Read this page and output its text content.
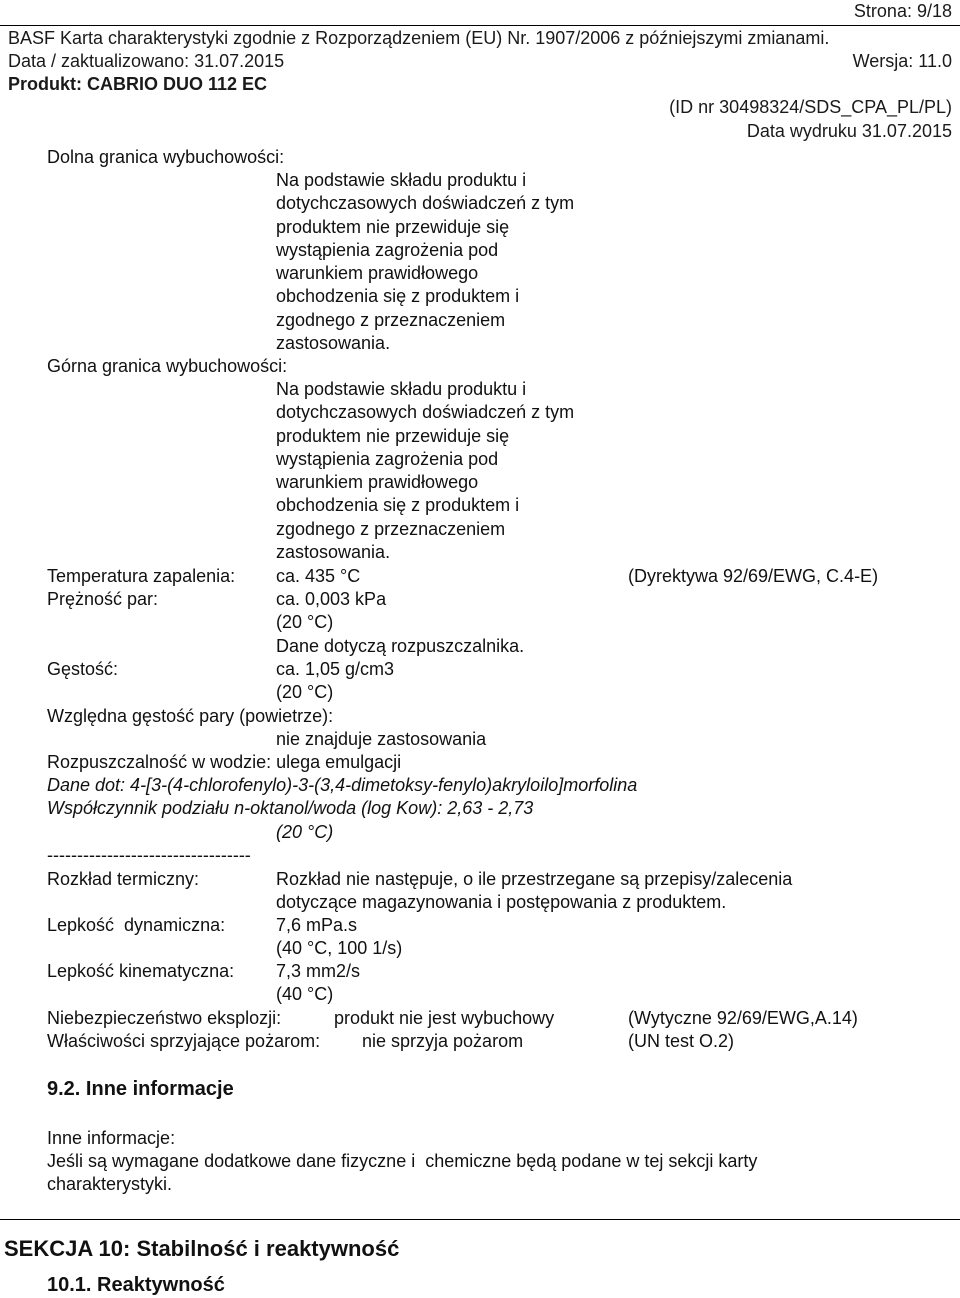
Strona: 9/18
BASF Karta charakterystyki zgodnie z Rozporządzeniem (EU) Nr. 1907/2006 z późniejszymi zmianami.
Data / zaktualizowano: 31.07.2015	Wersja: 11.0
Produkt: CABRIO DUO 112 EC
(ID nr 30498324/SDS_CPA_PL/PL)
Data wydruku 31.07.2015
Dolna granica wybuchowości:
Na podstawie składu produktu i
dotychczasowych doświadczeń z tym
produktem nie przewiduje się
wystąpienia zagrożenia pod
warunkiem prawidłowego
obchodzenia się z produktem i
zgodnego z przeznaczeniem
zastosowania.
Górna granica wybuchowości:
Na podstawie składu produktu i
dotychczasowych doświadczeń z tym
produktem nie przewiduje się
wystąpienia zagrożenia pod
warunkiem prawidłowego
obchodzenia się z produktem i
zgodnego z przeznaczeniem
zastosowania.
Temperatura zapalenia: ca. 435 °C	(Dyrektywa 92/69/EWG, C.4-E)
Prężność par:	ca. 0,003 kPa
(20 °C)
Dane dotyczą rozpuszczalnika.
Gęstość:	ca. 1,05 g/cm3
(20 °C)
Względna gęstość pary (powietrze):
nie znajduje zastosowania
Rozpuszczalność w wodzie: ulega emulgacji
Dane dot: 4-[3-(4-chlorofenylo)-3-(3,4-dimetoksy-fenylo)akryloilo]morfolina
Współczynnik podziału n-oktanol/woda (log Kow): 2,63 - 2,73
(20 °C)
----------------------------------
Rozkład termiczny:	Rozkład nie następuje, o ile przestrzegane są przepisy/zalecenia
dotyczące magazynowania i postępowania z produktem.
Lepkość  dynamiczna:	7,6 mPa.s
(40 °C, 100 1/s)
Lepkość kinematyczna: 7,3 mm2/s
(40 °C)
Niebezpieczeństwo eksplozji:	produkt nie jest wybuchowy	(Wytyczne 92/69/EWG,A.14)
Właściwości sprzyjające pożarom: nie sprzyja pożarom	(UN test O.2)
9.2. Inne informacje
Inne informacje:
Jeśli są wymagane dodatkowe dane fizyczne i  chemiczne będą podane w tej sekcji karty
charakterystyki.
SEKCJA 10: Stabilność i reaktywność
10.1. Reaktywność
